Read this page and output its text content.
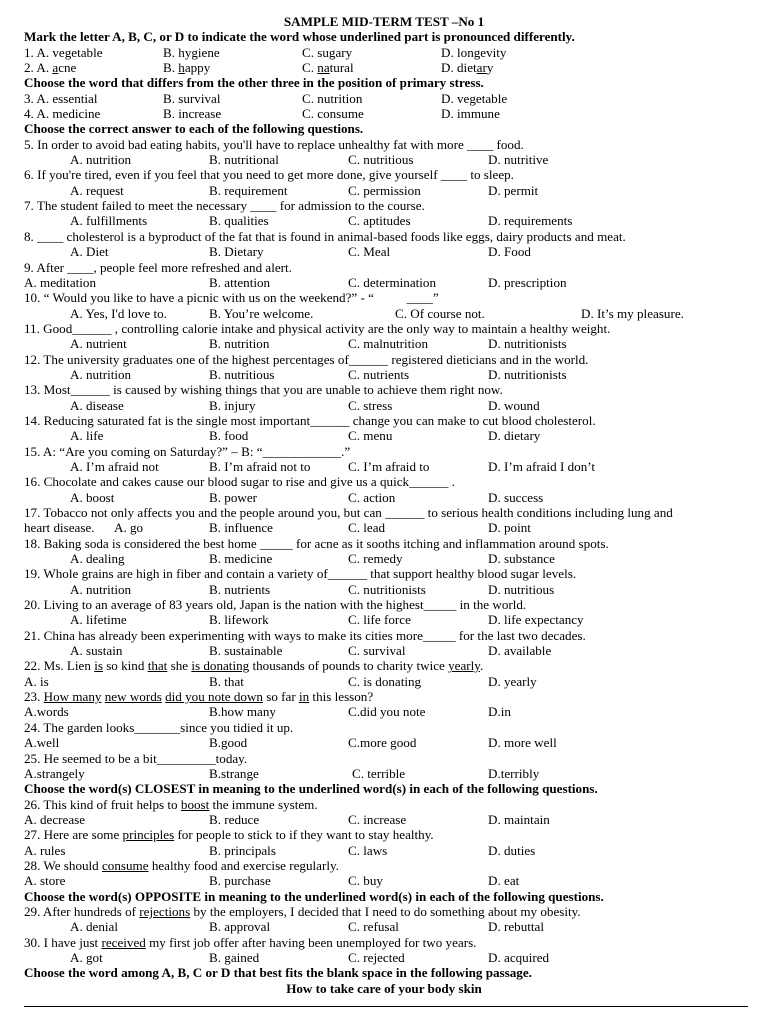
SAMPLE MID-TERM TEST –No 1
Mark the letter A, B, C, or D to indicate the word whose underlined part is pronounced differently.
1. A. vegetable	B. hygiene	C. sugary	D. longevity
2. A. acne	B. happy	C. natural	D. dietary
Choose the word that differs from the other three in the position of primary stress.
3. A. essential	B. survival	C. nutrition	D. vegetable
4. A. medicine	B. increase	C. consume	D. immune
Choose the correct answer to each of the following questions.
5. In order to avoid bad eating habits, you'll have to replace unhealthy fat with more ____ food.
A. nutrition	B. nutritional	C. nutritious	D. nutritive
6. If you're tired, even if you feel that you need to get more done, give yourself ____ to sleep.
A. request	B. requirement	C. permission	D. permit
7. The student failed to meet the necessary ____ for admission to the course.
A. fulfillments	B. qualities	C. aptitudes	D. requirements
8. ____ cholesterol is a byproduct of the fat that is found in animal-based foods like eggs, dairy products and meat.
A. Diet	B. Dietary	C. Meal	D. Food
9. After ____, people feel more refreshed and alert.
A. meditation	B. attention	C. determination	D. prescription
10. “ Would you like to have a picnic with us on the weekend?” - “          ____”
A. Yes, I'd love to.	B. You’re welcome.	C. Of course not.	D. It’s my pleasure.
11. Good______ , controlling calorie intake and physical activity are the only way to maintain a healthy weight.
A. nutrient	B. nutrition	C. malnutrition	D. nutritionists
12. The university graduates one of the highest percentages of______ registered dieticians and in the world.
A. nutrition	B. nutritious	C. nutrients	D. nutritionists
13. Most______ is caused by wishing things that you are unable to achieve them right now.
A. disease	B. injury	C. stress	D. wound
14. Reducing saturated fat is the single most important______ change you can make to cut blood cholesterol.
A. life	B. food	C. menu	D. dietary
15. A: “Are you coming on Saturday?” – B: “____________.”
A. I’m afraid not	B. I’m afraid not to	C. I’m afraid to	D. I’m afraid I don’t
16. Chocolate and cakes cause our blood sugar to rise and give us a quick______ .
A. boost	B. power	C. action	D. success
17. Tobacco not only affects you and the people around you, but can ______ to serious health conditions including lung and
heart disease. A. go	B. influence	C. lead	D. point
18. Baking soda is considered the best home _____ for acne as it sooths itching and inflammation around spots.
A. dealing	B. medicine	C. remedy	D. substance
19. Whole grains are high in fiber and contain a variety of______ that support healthy blood sugar levels.
A. nutrition	B. nutrients	C. nutritionists	D. nutritious
20. Living to an average of 83 years old, Japan is the nation with the highest_____ in the world.
A. lifetime	B. lifework	C. life force	D. life expectancy
21. China has already been experimenting with ways to make its cities more_____ for the last two decades.
A. sustain	B. sustainable	C. survival	D. available
22. Ms. Lien is so kind that she is donating thousands of pounds to charity twice yearly.
A. is	B. that	C. is donating	D. yearly
23. How many new words did you note down so far in this lesson?
A.words	B.how many	C.did you note	D.in
24. The garden looks_______since you tidied it up.
A.well	B.good	C.more good	D. more well
25. He seemed to be a bit_________today.
A.strangely	B.strange	C. terrible	D.terribly
Choose the word(s) CLOSEST in meaning to the underlined word(s) in each of the following questions.
26. This kind of fruit helps to boost the immune system.
A. decrease	B. reduce	C. increase	D. maintain
27. Here are some principles for people to stick to if they want to stay healthy.
A. rules	B. principals	C. laws	D. duties
28. We should consume healthy food and exercise regularly.
A. store	B. purchase	C. buy	D. eat
Choose the word(s) OPPOSITE in meaning to the underlined word(s) in each of the following questions.
29. After hundreds of rejections by the employers, I decided that I need to do something about my obesity.
A. denial	B. approval	C. refusal	D. rebuttal
30. I have just received my first job offer after having been unemployed for two years.
A. got	B. gained	C. rejected	D. acquired
Choose the word among A, B, C or D that best fits the blank space in the following passage.
How to take care of your body skin
